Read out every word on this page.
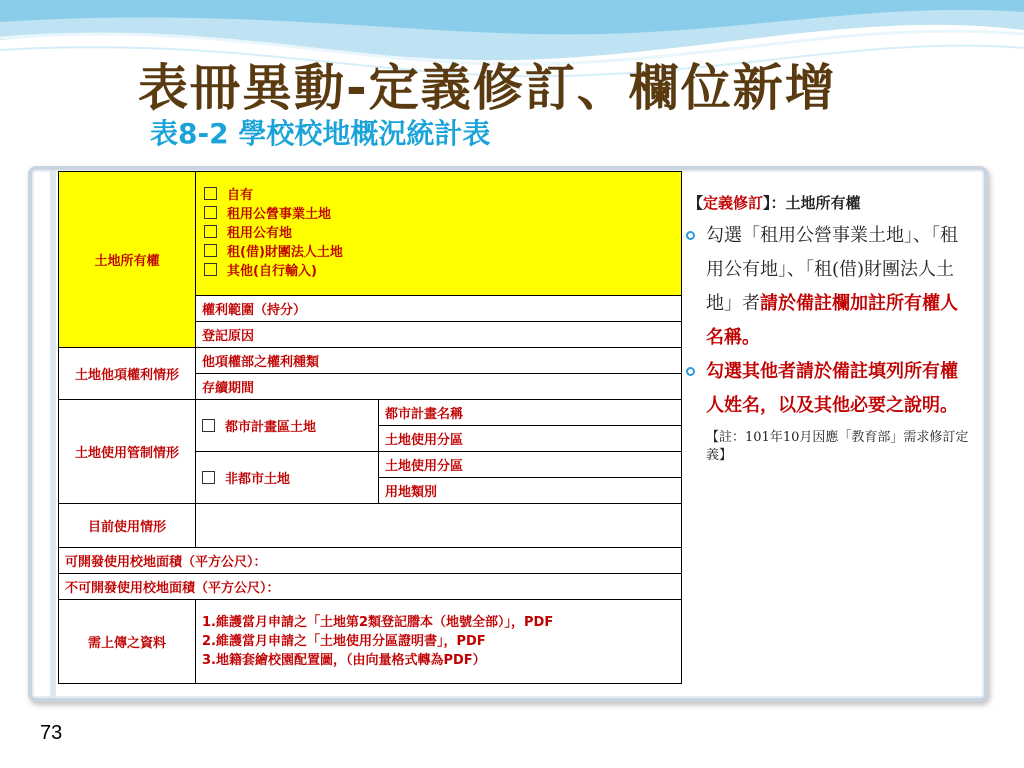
表冊異動-定義修訂、欄位新增
表8-2 學校校地概況統計表
土地所有權	自有
租用公營事業土地
租用公有地
租(借)財團法人土地
其他(自行輸入)	

	權利範圍（持分）	
	登記原因	
土地他項權利情形	他項權部之權利種類	
	存續期間	
土地使用管制情形	都市計畫區土地	都市計畫名稱
		土地使用分區
	非都市土地	土地使用分區
		用地類別
目前使用情形		
可開發使用校地面積（平方公尺）：		
不可開發使用校地面積（平方公尺）：		
需上傳之資料	1.維護當月申請之「土地第2類登記謄本（地號全部）」，PDF
2.維護當月申請之「土地使用分區證明書」，PDF
3.地籍套繪校園配置圖，（由向量格式轉為PDF）	
【定義修訂】：土地所有權
勾選「租用公營事業土地」、「租用公有地」、「租(借)財團法人土地」者請於備註欄加註所有權人名稱。
勾選其他者請於備註填列所有權人姓名，以及其他必要之說明。
【註：101年10月因應「教育部」需求修訂定義】
73
